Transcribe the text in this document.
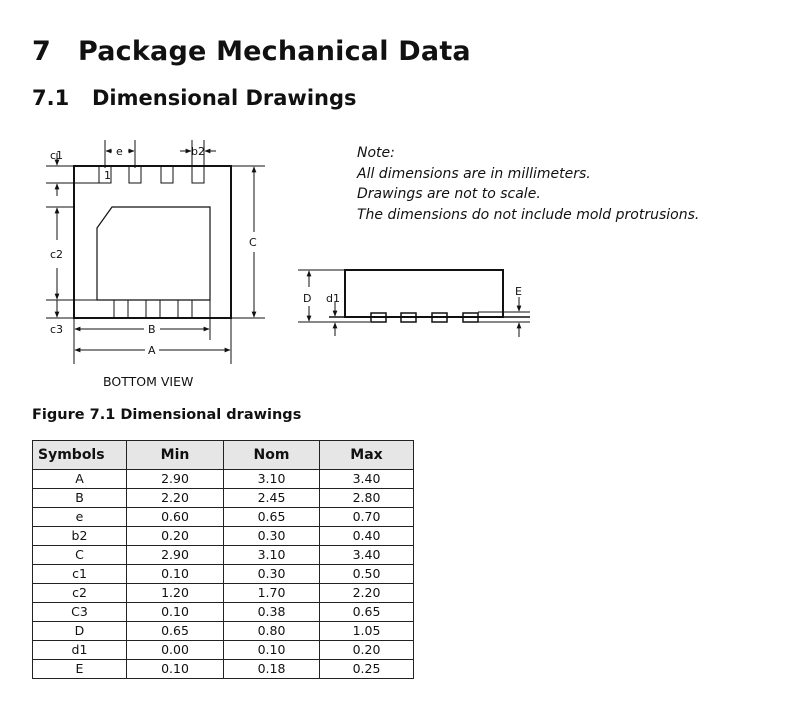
7 Package Mechanical Data
7.1 Dimensional Drawings
Note:
All dimensions are in millimeters.
Drawings are not to scale.
The dimensions do not include mold protrusions.
1
c1
c2
c3
e	b2
C
B
A
BOTTOM VIEW
D d1
E
Figure 7.1 Dimensional drawings
Symbols	Min	Nom	Max
A	2.90	3.10	3.40
B	2.20	2.45	2.80
e	0.60	0.65	0.70
b2	0.20	0.30	0.40
C	2.90	3.10	3.40
c1	0.10	0.30	0.50
c2	1.20	1.70	2.20
C3	0.10	0.38	0.65
D	0.65	0.80	1.05
d1	0.00	0.10	0.20
E	0.10	0.18	0.25
